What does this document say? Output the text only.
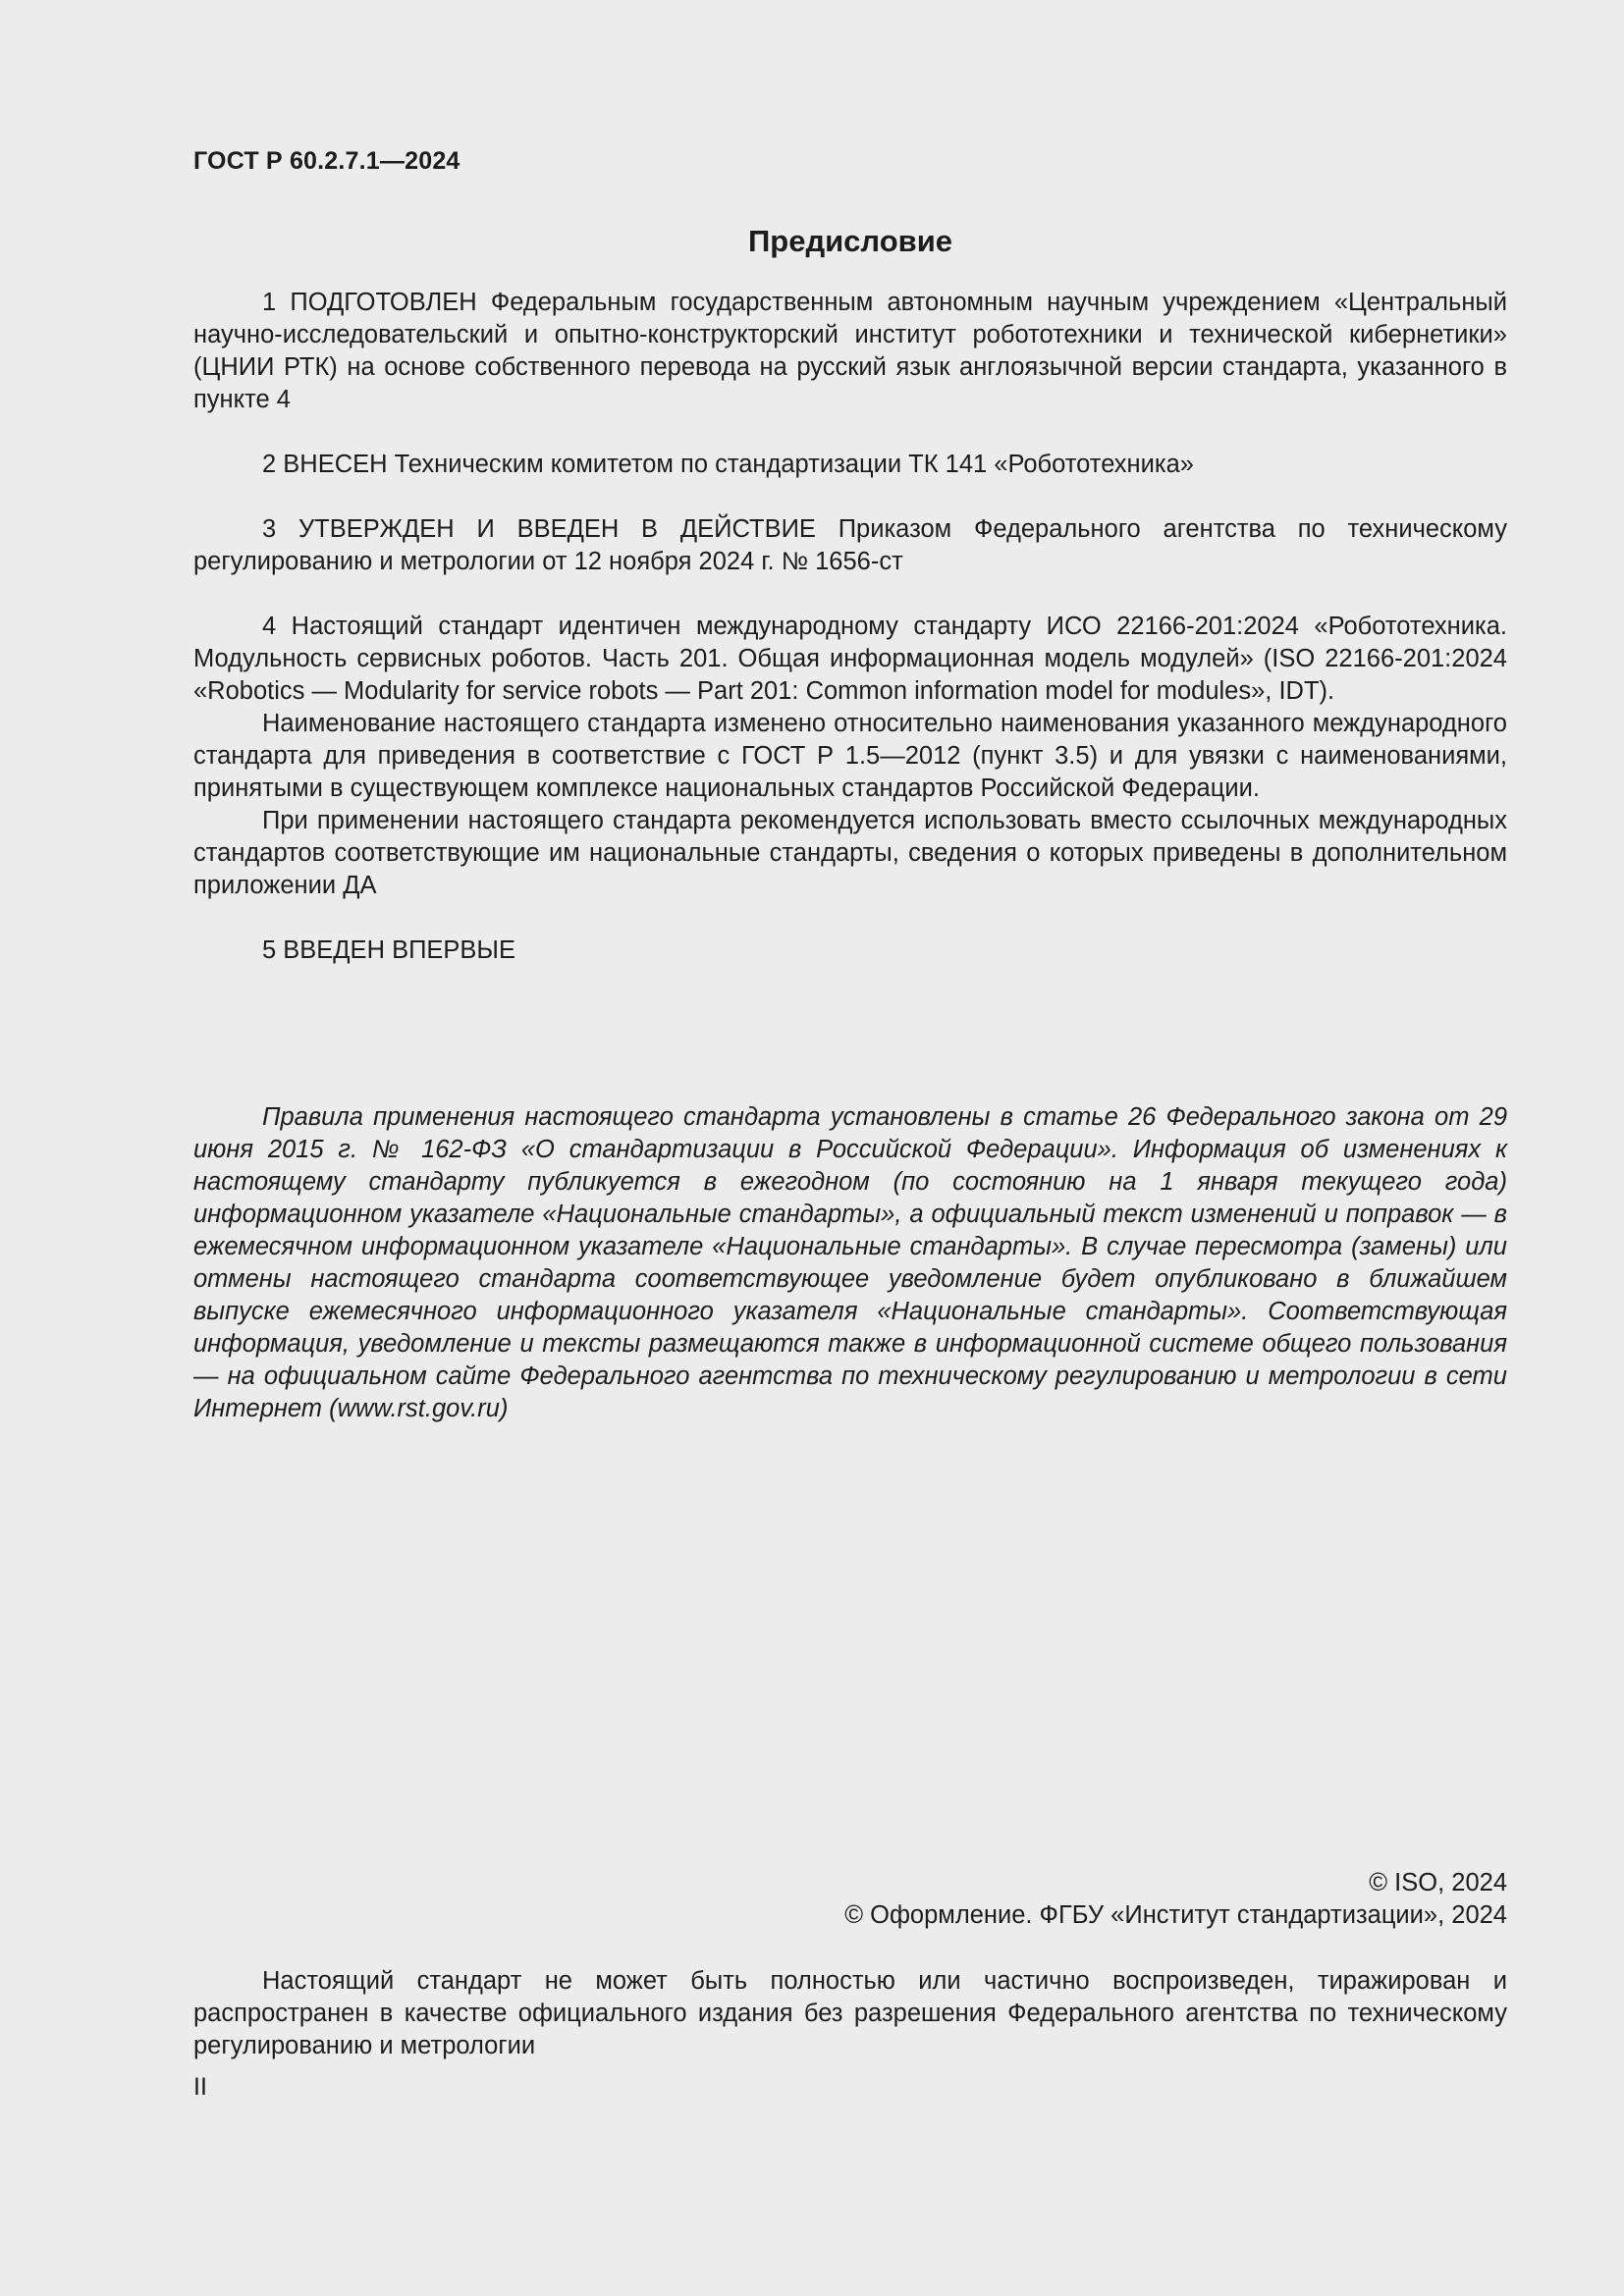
ГОСТ Р 60.2.7.1—2024
Предисловие

1 ПОДГОТОВЛЕН Федеральным государственным автономным научным учреждением «Центральный научно-исследовательский и опытно-конструкторский институт робототехники и технической кибернетики» (ЦНИИ РТК) на основе собственного перевода на русский язык англоязычной версии стандарта, указанного в пункте 4

2 ВНЕСЕН Техническим комитетом по стандартизации ТК 141 «Робототехника»

3 УТВЕРЖДЕН И ВВЕДЕН В ДЕЙСТВИЕ Приказом Федерального агентства по техническому регулированию и метрологии от 12 ноября 2024 г. № 1656-ст

4 Настоящий стандарт идентичен международному стандарту ИСО 22166-201:2024 «Робототехника. Модульность сервисных роботов. Часть 201. Общая информационная модель модулей» (ISO 22166-201:2024 «Robotics — Modularity for service robots — Part 201: Common information model for modules», IDT).

Наименование настоящего стандарта изменено относительно наименования указанного международного стандарта для приведения в соответствие с ГОСТ Р 1.5—2012 (пункт 3.5) и для увязки с наименованиями, принятыми в существующем комплексе национальных стандартов Российской Федерации.

При применении настоящего стандарта рекомендуется использовать вместо ссылочных международных стандартов соответствующие им национальные стандарты, сведения о которых приведены в дополнительном приложении ДА

5 ВВЕДЕН ВПЕРВЫЕ

Правила применения настоящего стандарта установлены в статье 26 Федерального закона от 29 июня 2015 г. № 162-ФЗ «О стандартизации в Российской Федерации». Информация об изменениях к настоящему стандарту публикуется в ежегодном (по состоянию на 1 января текущего года) информационном указателе «Национальные стандарты», а официальный текст изменений и поправок — в ежемесячном информационном указателе «Национальные стандарты». В случае пересмотра (замены) или отмены настоящего стандарта соответствующее уведомление будет опубликовано в ближайшем выпуске ежемесячного информационного указателя «Национальные стандарты». Соответствующая информация, уведомление и тексты размещаются также в информационной системе общего пользования — на официальном сайте Федерального агентства по техническому регулированию и метрологии в сети Интернет (www.rst.gov.ru)

© ISO, 2024
© Оформление. ФГБУ «Институт стандартизации», 2024

Настоящий стандарт не может быть полностью или частично воспроизведен, тиражирован и распространен в качестве официального издания без разрешения Федерального агентства по техническому регулированию и метрологии

II
